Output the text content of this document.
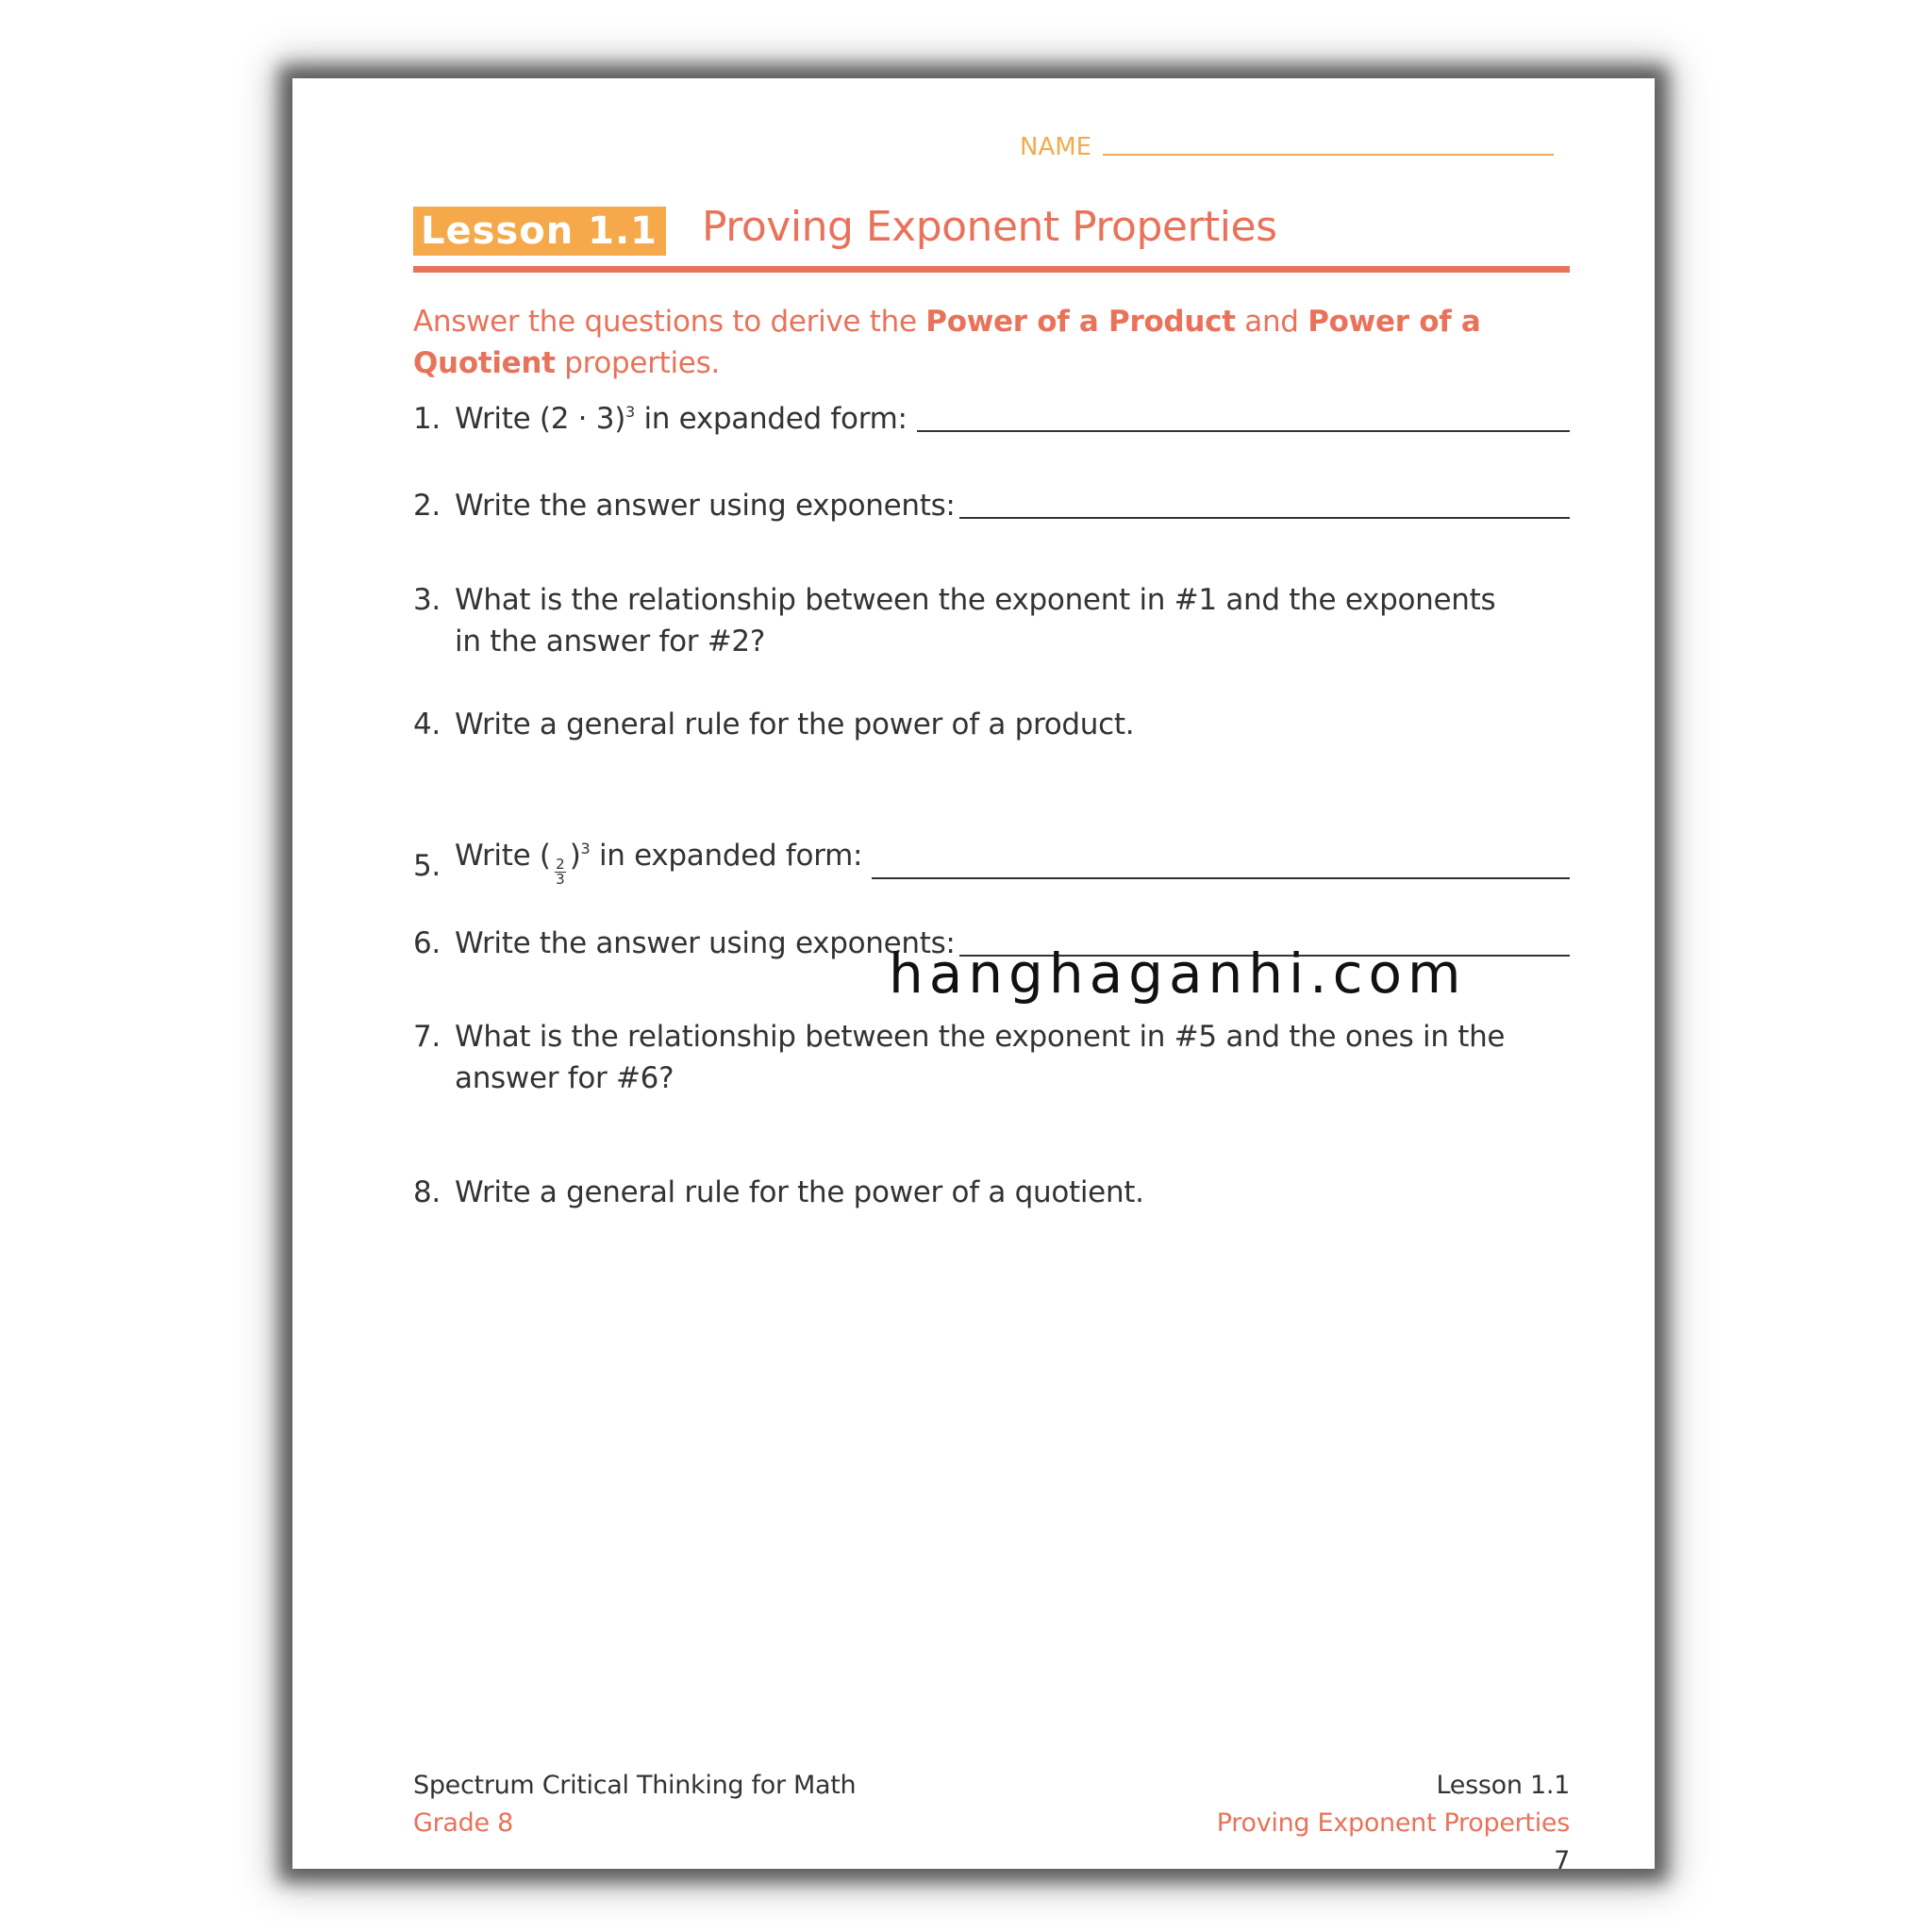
NAME
Lesson 1.1 Proving Exponent Properties
Answer the questions to derive the Power of a Product and Power of a Quotient properties.
1. Write $(2 \cdot 3)^3$ in expanded form:
2. Write the answer using exponents:
3. What is the relationship between the exponent in #1 and the exponents in the answer for #2?
4. Write a general rule for the power of a product.
5. Write ( $\frac{2}{3} )^3$ in expanded form:
6. Write the answer using exponents:
7. What is the relationship between the exponent in #5 and the ones in the answer for #6?
8. Write a general rule for the power of a quotient.
Spectrum Critical Thinking for Math
Grade 8
Lesson 1.1
Proving Exponent Properties
7
hanghaganhi.com
